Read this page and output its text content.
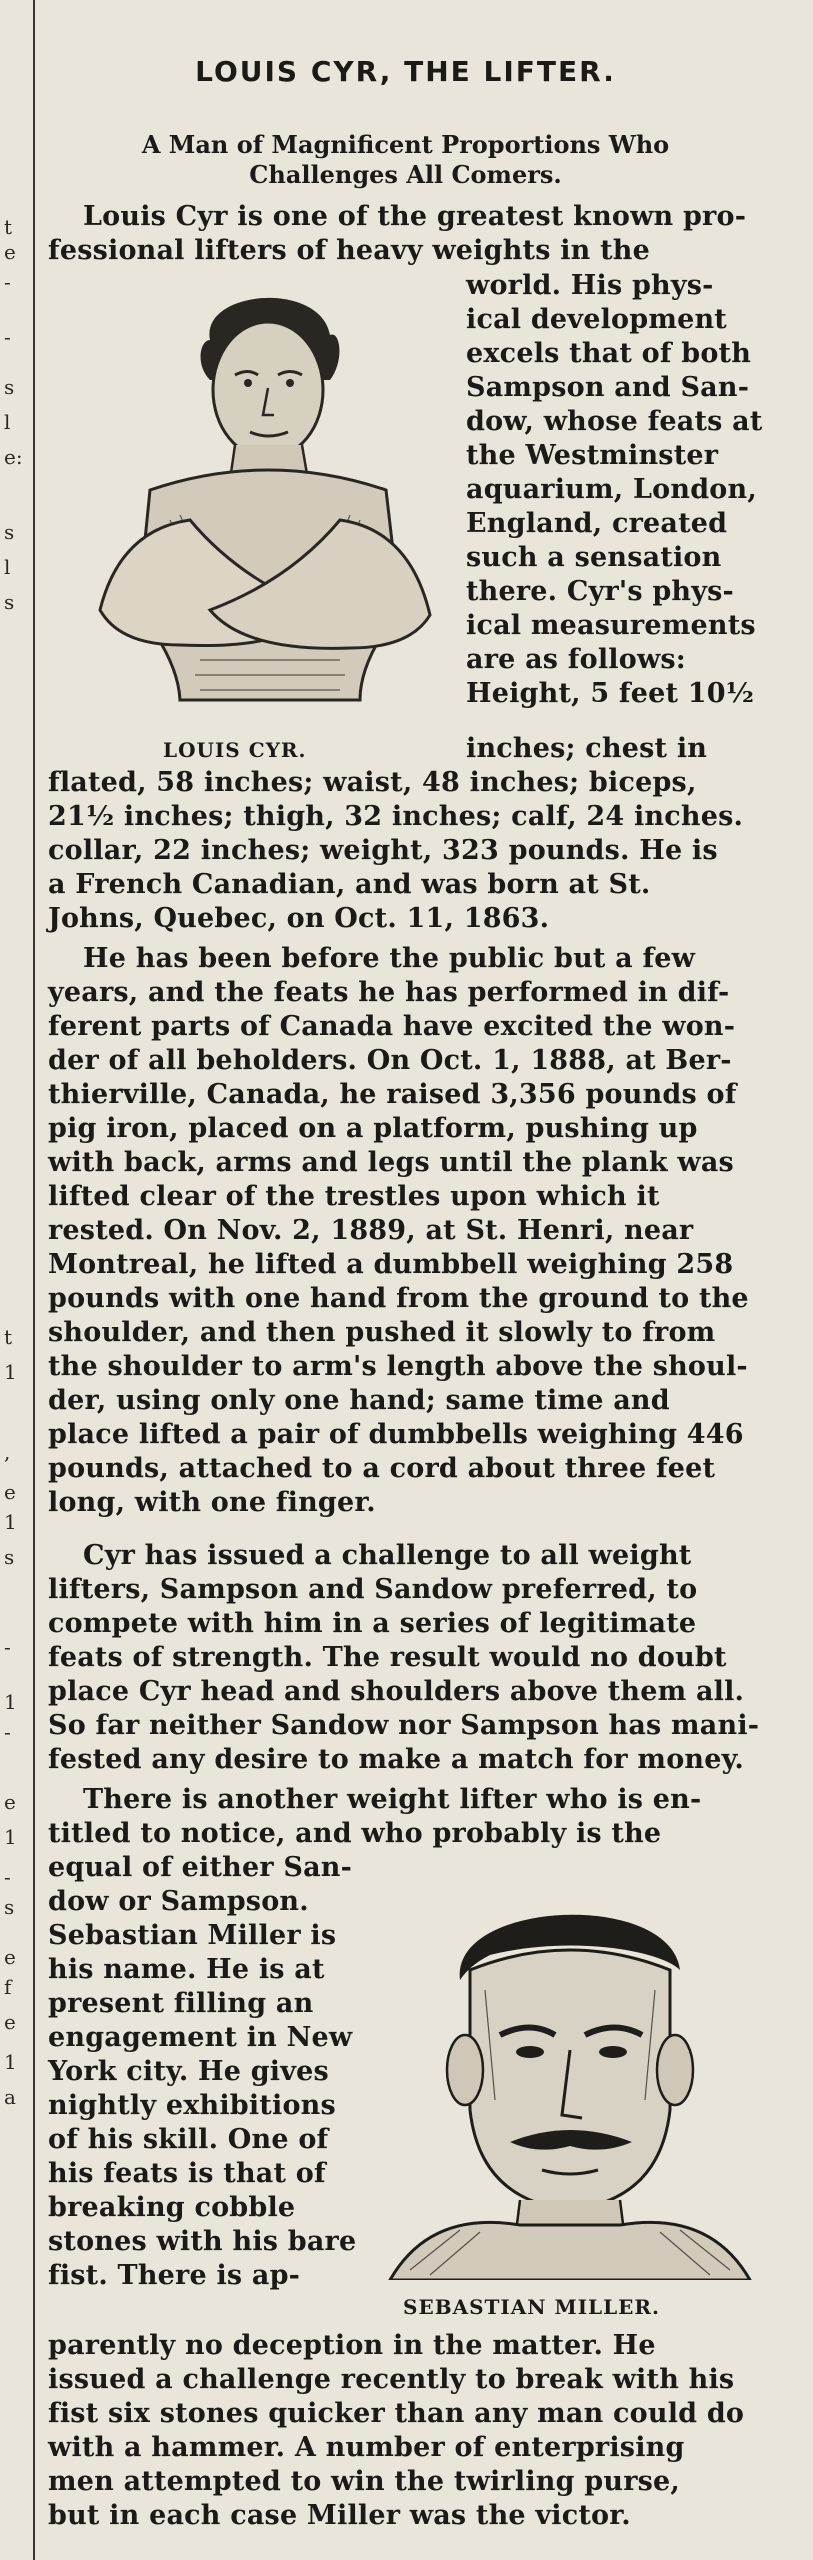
t
e
-
-
s
l
e:
s
l
s
t
1
,
e
1
s
-
1
-
e
1
-
s
e
f
e
1
a
LOUIS CYR, THE LIFTER.
A Man of Magnificent Proportions Who
Challenges All Comers.
LOUIS CYR.
SEBASTIAN MILLER.
Louis Cyr is one of the greatest known pro-
fessional lifters of heavy weights in the
world. His phys-
ical development
excels that of both
Sampson and San-
dow, whose feats at
the Westminster
aquarium, London,
England, created
such a sensation
there. Cyr's phys-
ical measurements
are as follows:
Height, 5 feet 10½
inches; chest in
flated, 58 inches; waist, 48 inches; biceps,
21½ inches; thigh, 32 inches; calf, 24 inches.
collar, 22 inches; weight, 323 pounds. He is
a French Canadian, and was born at St.
Johns, Quebec, on Oct. 11, 1863.
He has been before the public but a few
years, and the feats he has performed in dif-
ferent parts of Canada have excited the won-
der of all beholders. On Oct. 1, 1888, at Ber-
thierville, Canada, he raised 3,356 pounds of
pig iron, placed on a platform, pushing up
with back, arms and legs until the plank was
lifted clear of the trestles upon which it
rested. On Nov. 2, 1889, at St. Henri, near
Montreal, he lifted a dumbbell weighing 258
pounds with one hand from the ground to the
shoulder, and then pushed it slowly to from
the shoulder to arm's length above the shoul-
der, using only one hand; same time and
place lifted a pair of dumbbells weighing 446
pounds, attached to a cord about three feet
long, with one finger.
Cyr has issued a challenge to all weight
lifters, Sampson and Sandow preferred, to
compete with him in a series of legitimate
feats of strength. The result would no doubt
place Cyr head and shoulders above them all.
So far neither Sandow nor Sampson has mani-
fested any desire to make a match for money.
There is another weight lifter who is en-
titled to notice, and who probably is the
equal of either San-
dow or Sampson.
Sebastian Miller is
his name. He is at
present filling an
engagement in New
York city. He gives
nightly exhibitions
of his skill. One of
his feats is that of
breaking cobble
stones with his bare
fist. There is ap-
parently no deception in the matter. He
issued a challenge recently to break with his
fist six stones quicker than any man could do
with a hammer. A number of enterprising
men attempted to win the twirling purse,
but in each case Miller was the victor.
